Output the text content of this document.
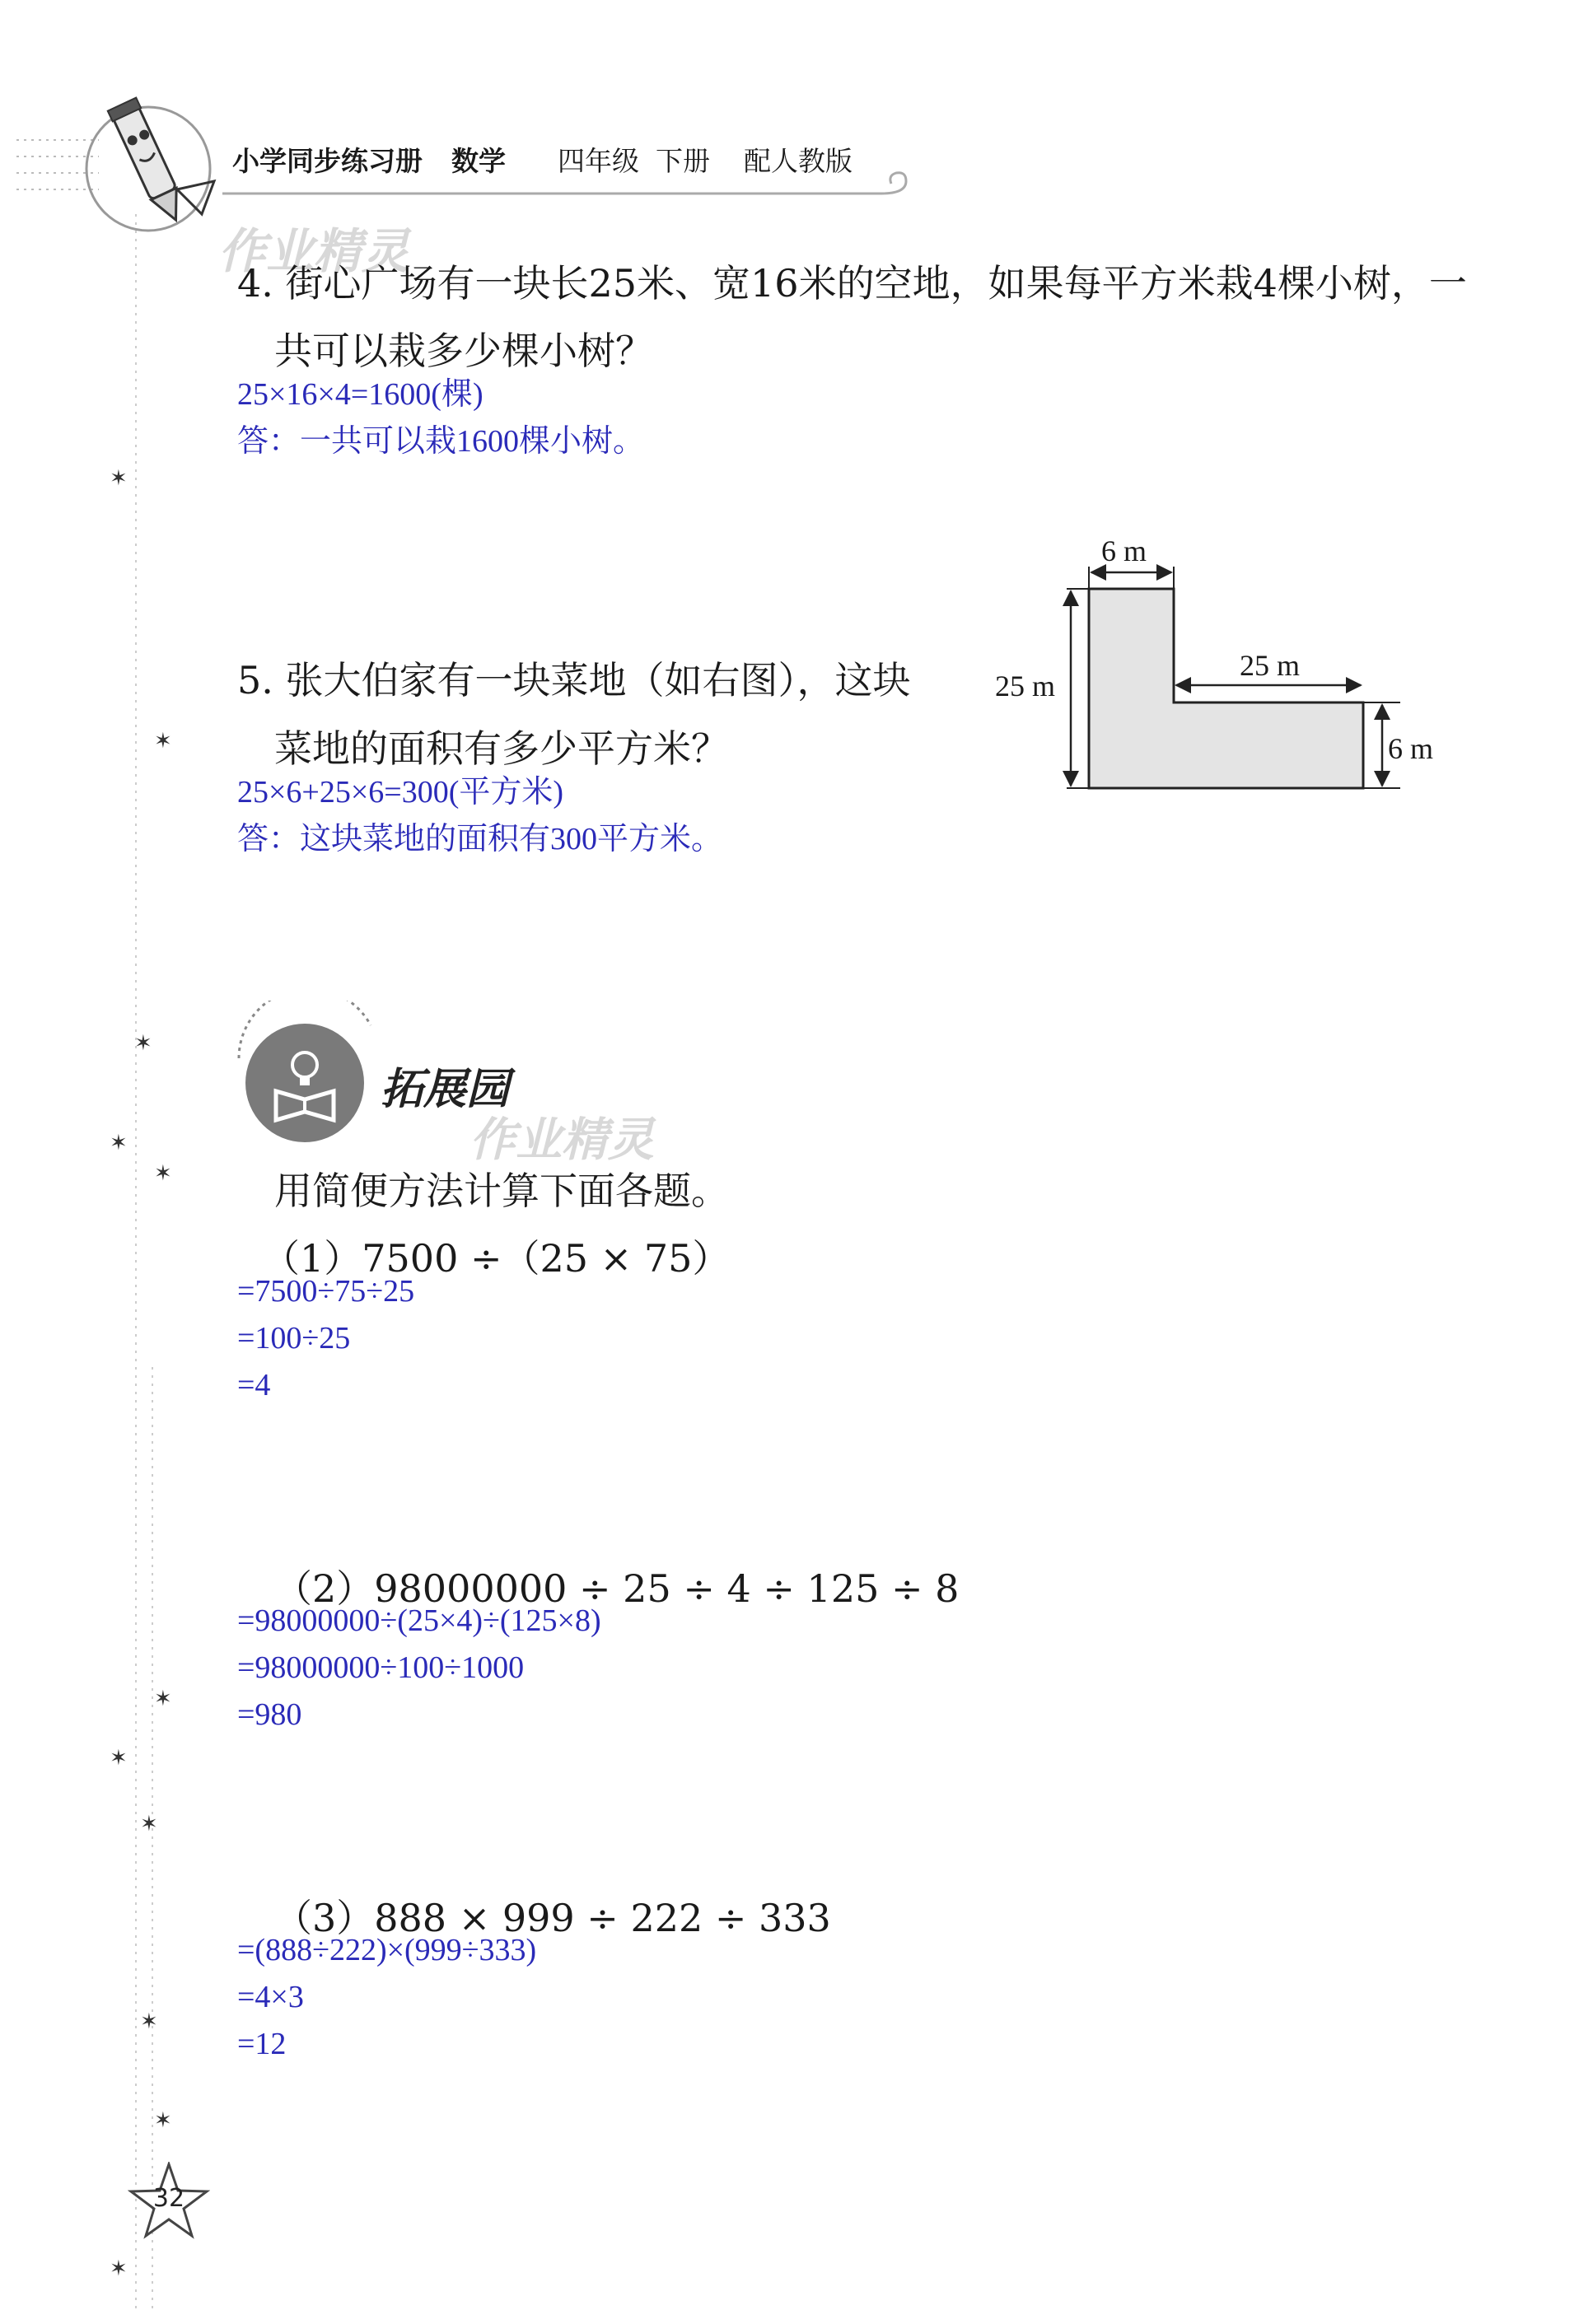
小学同步练习册 数学 四年级 下册 配人教版
作业精灵
4. 街心广场有一块长25米、宽16米的空地，如果每平方米栽4棵小树，一
共可以栽多少棵小树？
25×16×4=1600(棵)
答：一共可以栽1600棵小树。
5. 张大伯家有一块菜地（如右图），这块
菜地的面积有多少平方米？
25×6+25×6=300(平方米)
答：这块菜地的面积有300平方米。
6 m
25 m
25 m
6 m
拓展园
作业精灵
用简便方法计算下面各题。
（1）7500 ÷（25 × 75）
=7500÷75÷25
=100÷25
=4
（2）98000000 ÷ 25 ÷ 4 ÷ 125 ÷ 8
=98000000÷(25×4)÷(125×8)
=98000000÷100÷1000
=980
（3）888 × 999 ÷ 222 ÷ 333
=(888÷222)×(999÷333)
=4×3
=12
✶
✶
✶
✶
✶
✶
✶
✶
✶
✶
✶
32
